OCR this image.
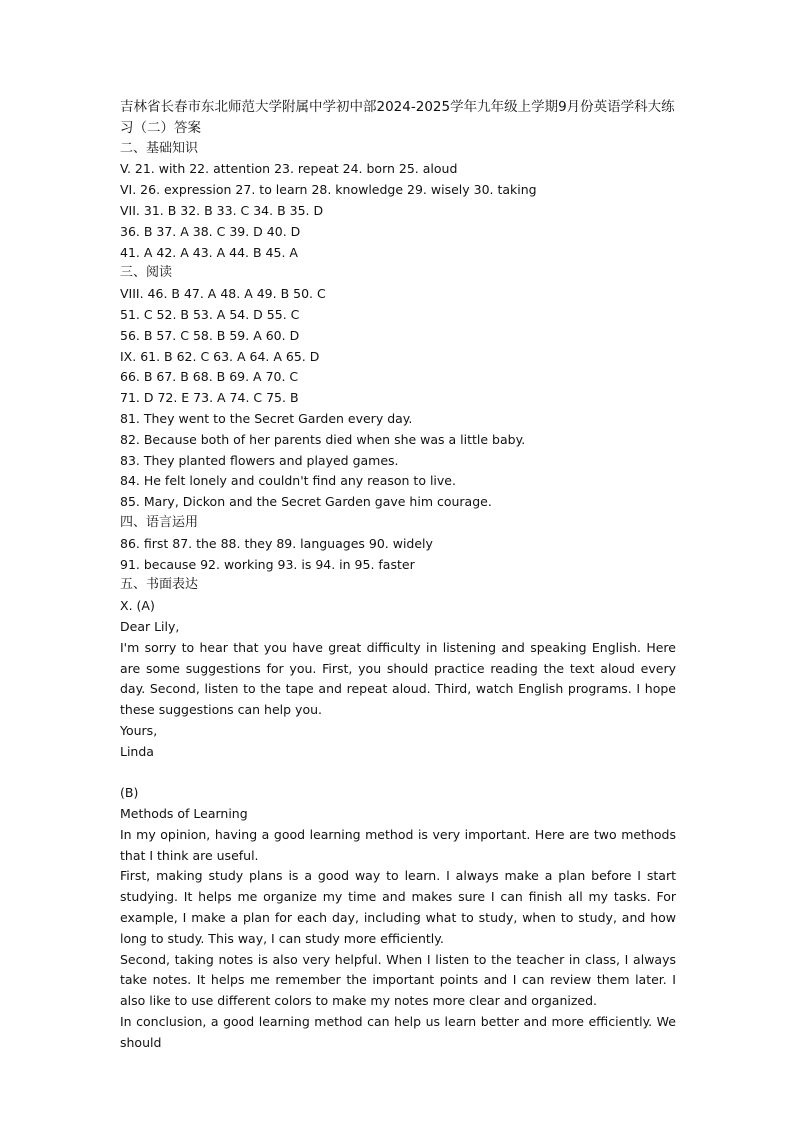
吉林省长春市东北师范大学附属中学初中部2024-2025学年九年级上学期9月份英语学科大练习（二）答案

二、基础知识

V. 21. with 22. attention 23. repeat 24. born 25. aloud

VI. 26. expression 27. to learn 28. knowledge 29. wisely 30. taking

VII. 31. B 32. B 33. C 34. B 35. D

36. B 37. A 38. C 39. D 40. D

41. A 42. A 43. A 44. B 45. A

三、阅读

VIII. 46. B 47. A 48. A 49. B 50. C

51. C 52. B 53. A 54. D 55. C

56. B 57. C 58. B 59. A 60. D

IX. 61. B 62. C 63. A 64. A 65. D

66. B 67. B 68. B 69. A 70. C

71. D 72. E 73. A 74. C 75. B

81. They went to the Secret Garden every day.

82. Because both of her parents died when she was a little baby.

83. They planted flowers and played games.

84. He felt lonely and couldn't find any reason to live.

85. Mary, Dickon and the Secret Garden gave him courage.

四、语言运用

86. first 87. the 88. they 89. languages 90. widely

91. because 92. working 93. is 94. in 95. faster

五、书面表达

X. (A)

Dear Lily,

I'm sorry to hear that you have great difficulty in listening and speaking English. Here are some suggestions for you. First, you should practice reading the text aloud every day. Second, listen to the tape and repeat aloud. Third, watch English programs. I hope these suggestions can help you.

Yours,

Linda

(B)

Methods of Learning

In my opinion, having a good learning method is very important. Here are two methods that I think are useful.

First, making study plans is a good way to learn. I always make a plan before I start studying. It helps me organize my time and makes sure I can finish all my tasks. For example, I make a plan for each day, including what to study, when to study, and how long to study. This way, I can study more efficiently.

Second, taking notes is also very helpful. When I listen to the teacher in class, I always take notes. It helps me remember the important points and I can review them later. I also like to use different colors to make my notes more clear and organized.

In conclusion, a good learning method can help us learn better and more efficiently. We should
